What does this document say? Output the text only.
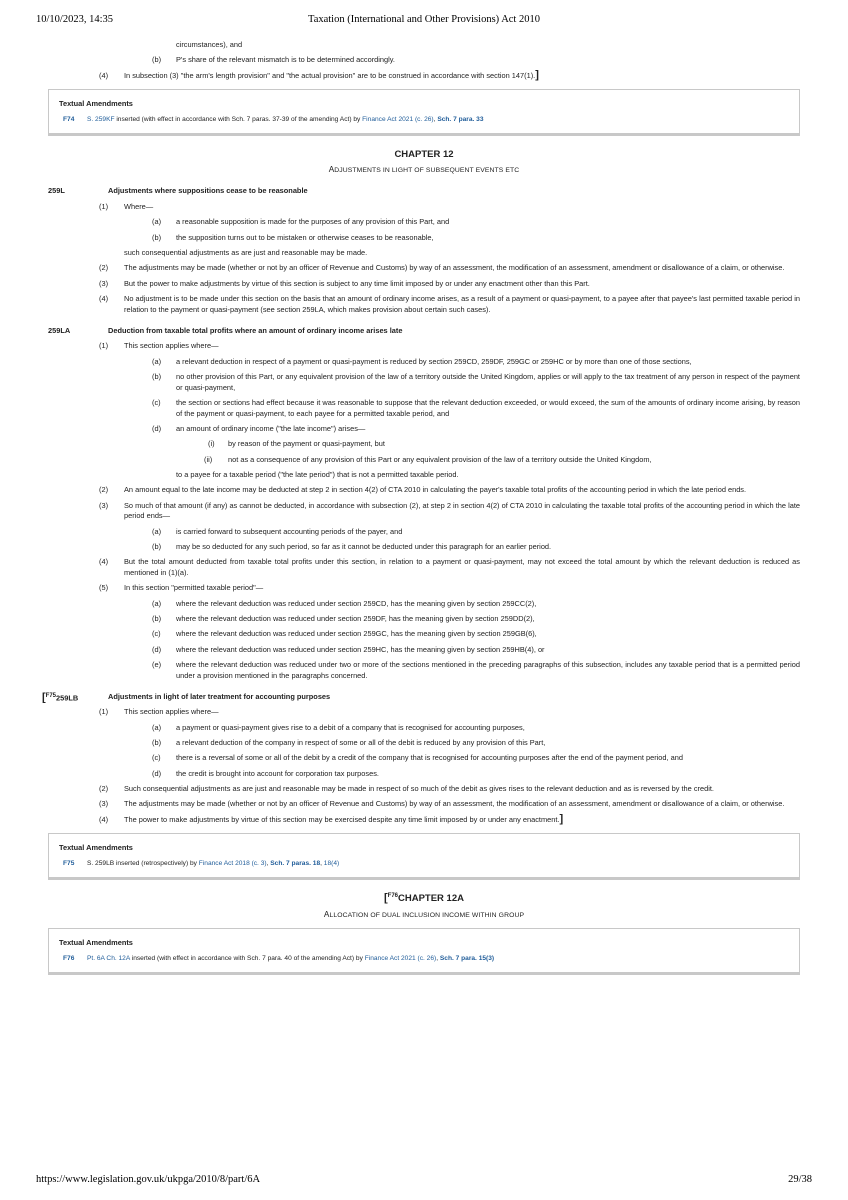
10/10/2023, 14:35	Taxation (International and Other Provisions) Act 2010
circumstances), and
(b) P's share of the relevant mismatch is to be determined accordingly.
(4) In subsection (3) "the arm's length provision" and "the actual provision" are to be construed in accordance with section 147(1).]
Textual Amendments
F74 S. 259KF inserted (with effect in accordance with Sch. 7 paras. 37-39 of the amending Act) by Finance Act 2021 (c. 26), Sch. 7 para. 33
CHAPTER 12
ADJUSTMENTS IN LIGHT OF SUBSEQUENT EVENTS ETC
259L	Adjustments where suppositions cease to be reasonable
(1) Where—
(a) a reasonable supposition is made for the purposes of any provision of this Part, and
(b) the supposition turns out to be mistaken or otherwise ceases to be reasonable,
such consequential adjustments as are just and reasonable may be made.
(2) The adjustments may be made (whether or not by an officer of Revenue and Customs) by way of an assessment, the modification of an assessment, amendment or disallowance of a claim, or otherwise.
(3) But the power to make adjustments by virtue of this section is subject to any time limit imposed by or under any enactment other than this Part.
(4) No adjustment is to be made under this section on the basis that an amount of ordinary income arises, as a result of a payment or quasi-payment, to a payee after that payee's last permitted taxable period in relation to the payment or quasi-payment (see section 259LA, which makes provision about certain such cases).
259LA	Deduction from taxable total profits where an amount of ordinary income arises late
(1) This section applies where—
(a) a relevant deduction in respect of a payment or quasi-payment is reduced by section 259CD, 259DF, 259GC or 259HC or by more than one of those sections,
(b) no other provision of this Part, or any equivalent provision of the law of a territory outside the United Kingdom, applies or will apply to the tax treatment of any person in respect of the payment or quasi-payment,
(c) the section or sections had effect because it was reasonable to suppose that the relevant deduction exceeded, or would exceed, the sum of the amounts of ordinary income arising, by reason of the payment or quasi-payment, to each payee for a permitted taxable period, and
(d) an amount of ordinary income ("the late income") arises—
(i) by reason of the payment or quasi-payment, but
(ii) not as a consequence of any provision of this Part or any equivalent provision of the law of a territory outside the United Kingdom,
to a payee for a taxable period ("the late period") that is not a permitted taxable period.
(2) An amount equal to the late income may be deducted at step 2 in section 4(2) of CTA 2010 in calculating the payer's taxable total profits of the accounting period in which the late period ends.
(3) So much of that amount (if any) as cannot be deducted, in accordance with subsection (2), at step 2 in section 4(2) of CTA 2010 in calculating the taxable total profits of the accounting period in which the late period ends—
(a) is carried forward to subsequent accounting periods of the payer, and
(b) may be so deducted for any such period, so far as it cannot be deducted under this paragraph for an earlier period.
(4) But the total amount deducted from taxable total profits under this section, in relation to a payment or quasi-payment, may not exceed the total amount by which the relevant deduction is reduced as mentioned in (1)(a).
(5) In this section "permitted taxable period"—
(a) where the relevant deduction was reduced under section 259CD, has the meaning given by section 259CC(2),
(b) where the relevant deduction was reduced under section 259DF, has the meaning given by section 259DD(2),
(c) where the relevant deduction was reduced under section 259GC, has the meaning given by section 259GB(6),
(d) where the relevant deduction was reduced under section 259HC, has the meaning given by section 259HB(4), or
(e) where the relevant deduction was reduced under two or more of the sections mentioned in the preceding paragraphs of this subsection, includes any taxable period that is a permitted period under a provision mentioned in the paragraphs concerned.
[$^{F75}$259LB	Adjustments in light of later treatment for accounting purposes
(1) This section applies where—
(a) a payment or quasi-payment gives rise to a debit of a company that is recognised for accounting purposes,
(b) a relevant deduction of the company in respect of some or all of the debit is reduced by any provision of this Part,
(c) there is a reversal of some or all of the debit by a credit of the company that is recognised for accounting purposes after the end of the payment period, and
(d) the credit is brought into account for corporation tax purposes.
(2) Such consequential adjustments as are just and reasonable may be made in respect of so much of the debit as gives rises to the relevant deduction and as is reversed by the credit.
(3) The adjustments may be made (whether or not by an officer of Revenue and Customs) by way of an assessment, the modification of an assessment, amendment or disallowance of a claim, or otherwise.
(4) The power to make adjustments by virtue of this section may be exercised despite any time limit imposed by or under any enactment.]
Textual Amendments
F75 S. 259LB inserted (retrospectively) by Finance Act 2018 (c. 3), Sch. 7 paras. 18, 18(4)
[$^{F76}$CHAPTER 12A
ALLOCATION OF DUAL INCLUSION INCOME WITHIN GROUP
Textual Amendments
F76 Pt. 6A Ch. 12A inserted (with effect in accordance with Sch. 7 para. 40 of the amending Act) by Finance Act 2021 (c. 26), Sch. 7 para. 15(3)
https://www.legislation.gov.uk/ukpga/2010/8/part/6A	29/38
